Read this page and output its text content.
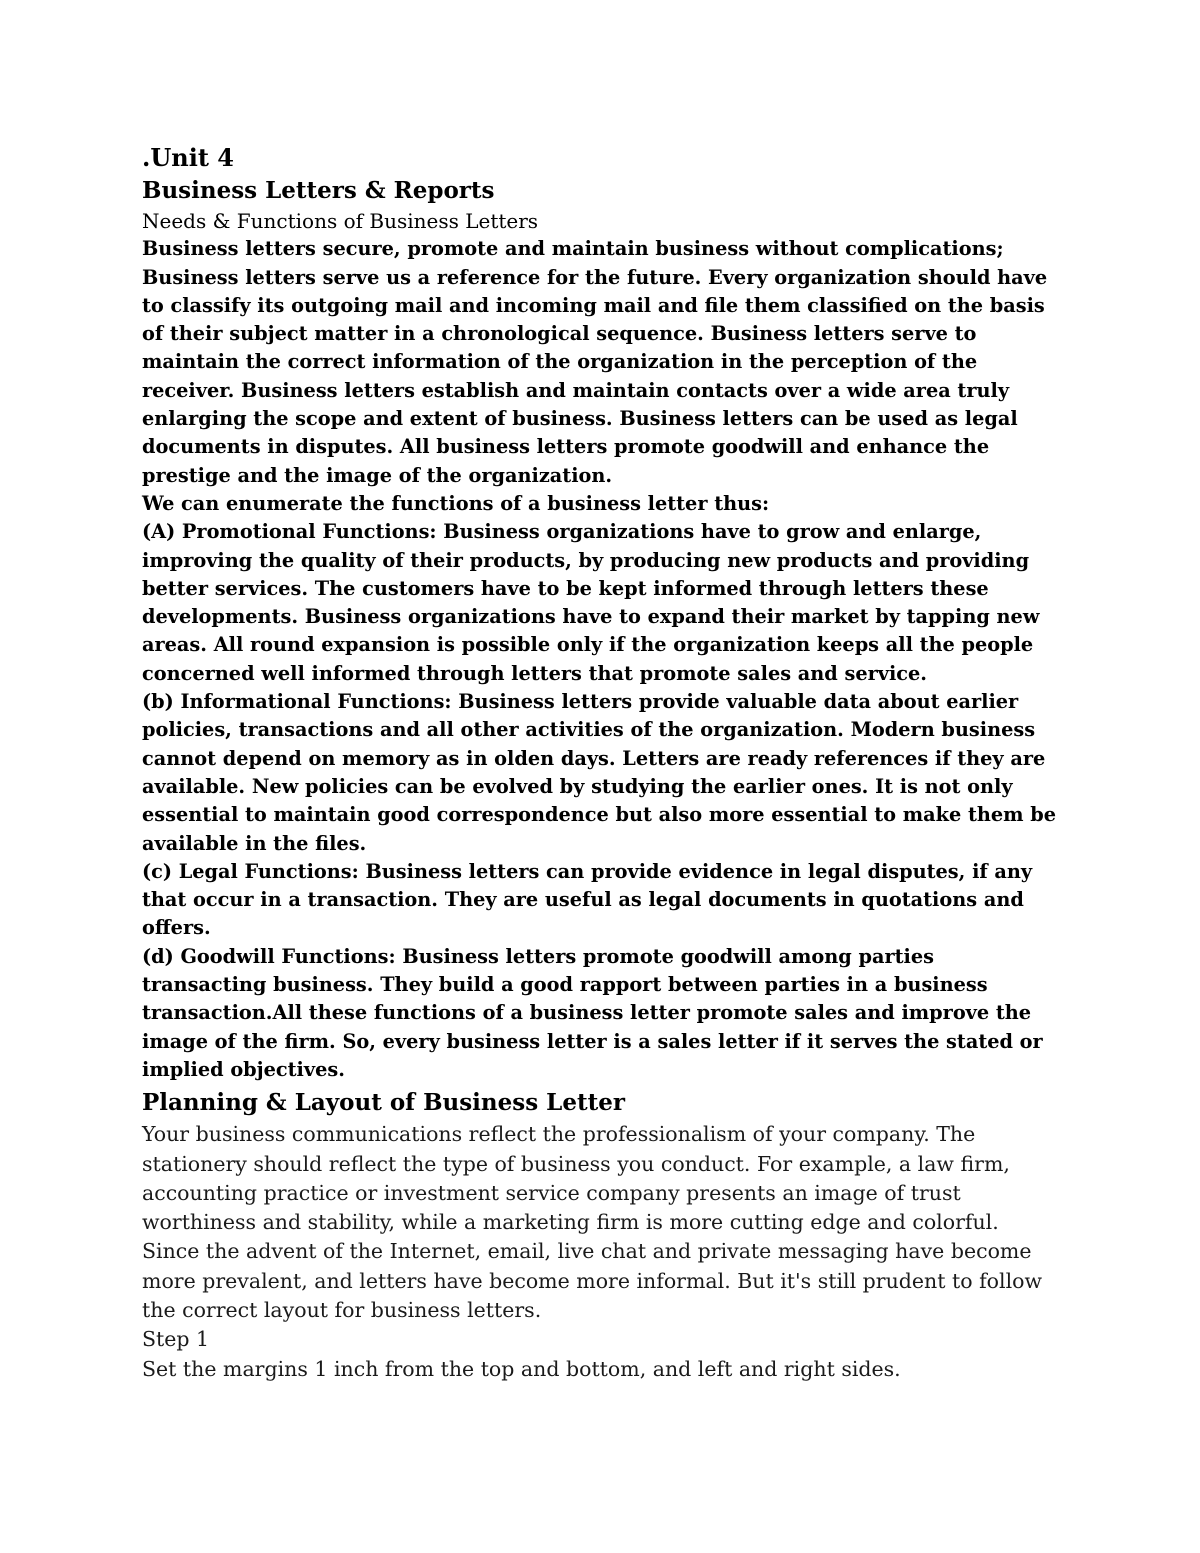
.Unit 4
Business Letters & Reports

Needs & Functions of Business Letters

Business letters secure, promote and maintain business without complications; Business letters serve us a reference for the future. Every organization should have to classify its outgoing mail and incoming mail and file them classified on the basis of their subject matter in a chronological sequence. Business letters serve to maintain the correct information of the organization in the perception of the receiver. Business letters establish and maintain contacts over a wide area truly enlarging the scope and extent of business. Business letters can be used as legal documents in disputes. All business letters promote goodwill and enhance the prestige and the image of the organization.

We can enumerate the functions of a business letter thus:

(A) Promotional Functions: Business organizations have to grow and enlarge, improving the quality of their products, by producing new products and providing better services. The customers have to be kept informed through letters these developments. Business organizations have to expand their market by tapping new areas. All round expansion is possible only if the organization keeps all the people concerned well informed through letters that promote sales and service.

(b) Informational Functions: Business letters provide valuable data about earlier policies, transactions and all other activities of the organization. Modern business cannot depend on memory as in olden days. Letters are ready references if they are available. New policies can be evolved by studying the earlier ones. It is not only essential to maintain good correspondence but also more essential to make them be available in the files.

(c) Legal Functions: Business letters can provide evidence in legal disputes, if any that occur in a transaction. They are useful as legal documents in quotations and offers.

(d) Goodwill Functions: Business letters promote goodwill among parties transacting business. They build a good rapport between parties in a business transaction.All these functions of a business letter promote sales and improve the image of the firm. So, every business letter is a sales letter if it serves the stated or implied objectives.

Planning & Layout of Business Letter

Your business communications reflect the professionalism of your company. The stationery should reflect the type of business you conduct. For example, a law firm, accounting practice or investment service company presents an image of trust worthiness and stability, while a marketing firm is more cutting edge and colorful. Since the advent of the Internet, email, live chat and private messaging have become more prevalent, and letters have become more informal. But it's still prudent to follow the correct layout for business letters.

Step 1

Set the margins 1 inch from the top and bottom, and left and right sides.
